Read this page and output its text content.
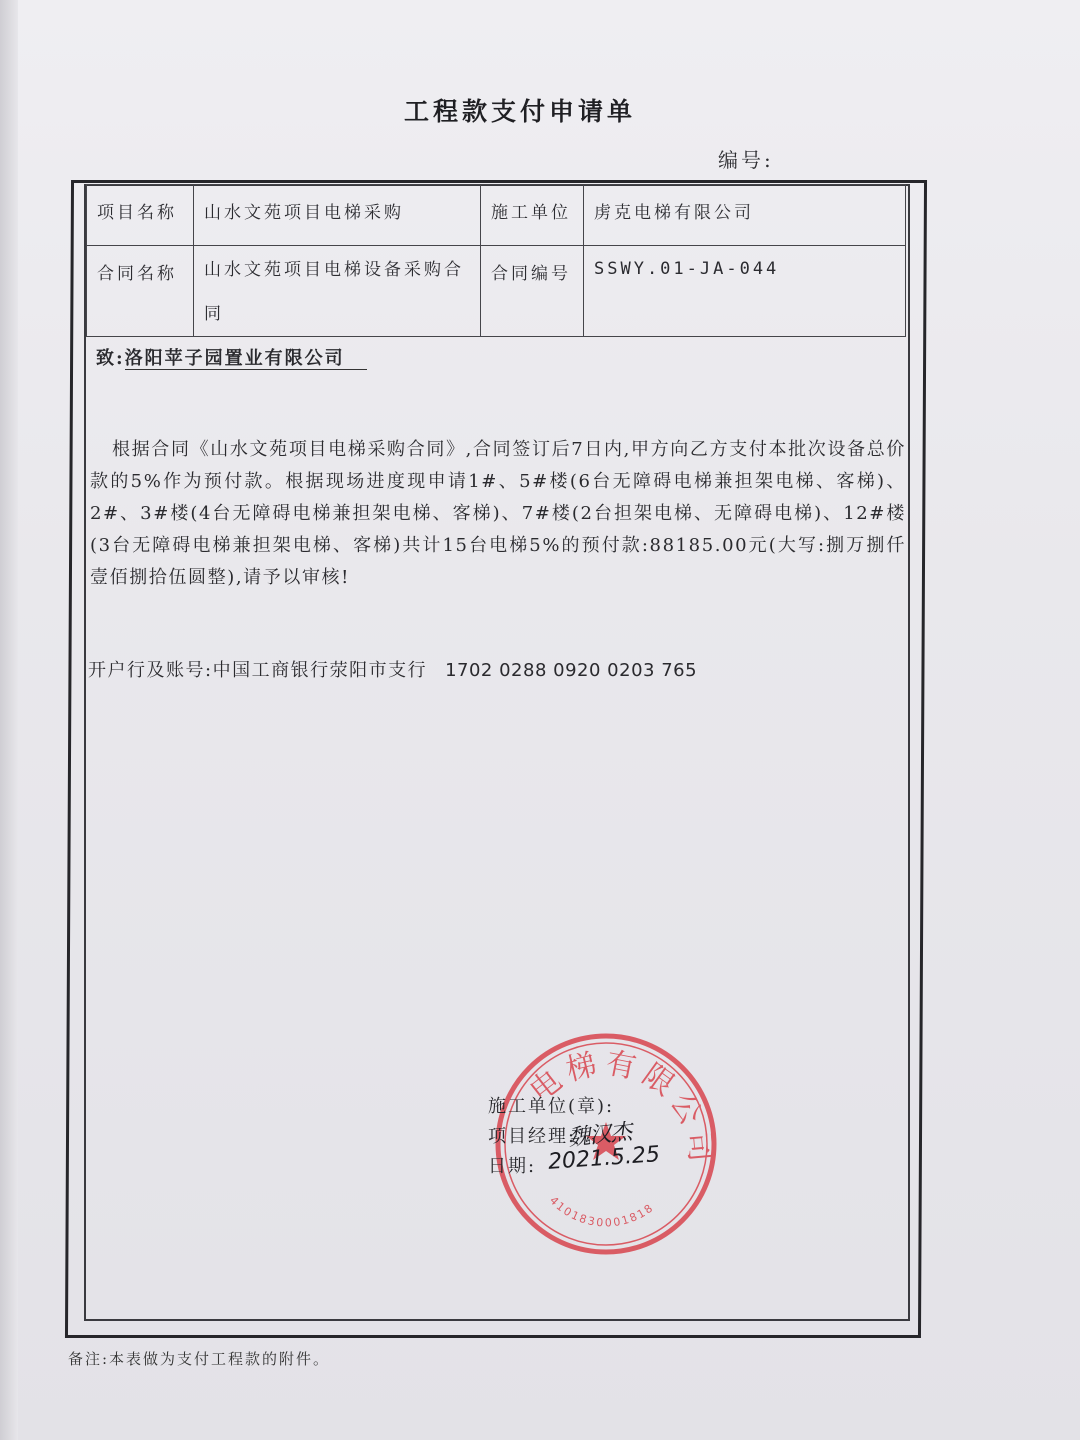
工程款支付申请单
编号:
项目名称	山水文苑项目电梯采购	施工单位	虏克电梯有限公司
合同名称	山水文苑项目电梯设备采购合同	合同编号	SSWY.01-JA-044
致:洛阳苹子园置业有限公司
根据合同《山水文苑项目电梯采购合同》,合同签订后7日内,甲方向乙方支付本批次设备总价款的5%作为预付款。根据现场进度现申请1#、5#楼(6台无障碍电梯兼担架电梯、客梯)、2#、3#楼(4台无障碍电梯兼担架电梯、客梯)、7#楼(2台担架电梯、无障碍电梯)、12#楼(3台无障碍电梯兼担架电梯、客梯)共计15台电梯5%的预付款:88185.00元(大写:捌万捌仟壹佰捌拾伍圆整),请予以审核!
开户行及账号:中国工商银行荥阳市支行 1702 0288 0920 0203 765
电梯有限公司
4101830001818
施工单位(章):
项目经理:
魏汉杰
日期: 2021.5.25
备注:本表做为支付工程款的附件。
